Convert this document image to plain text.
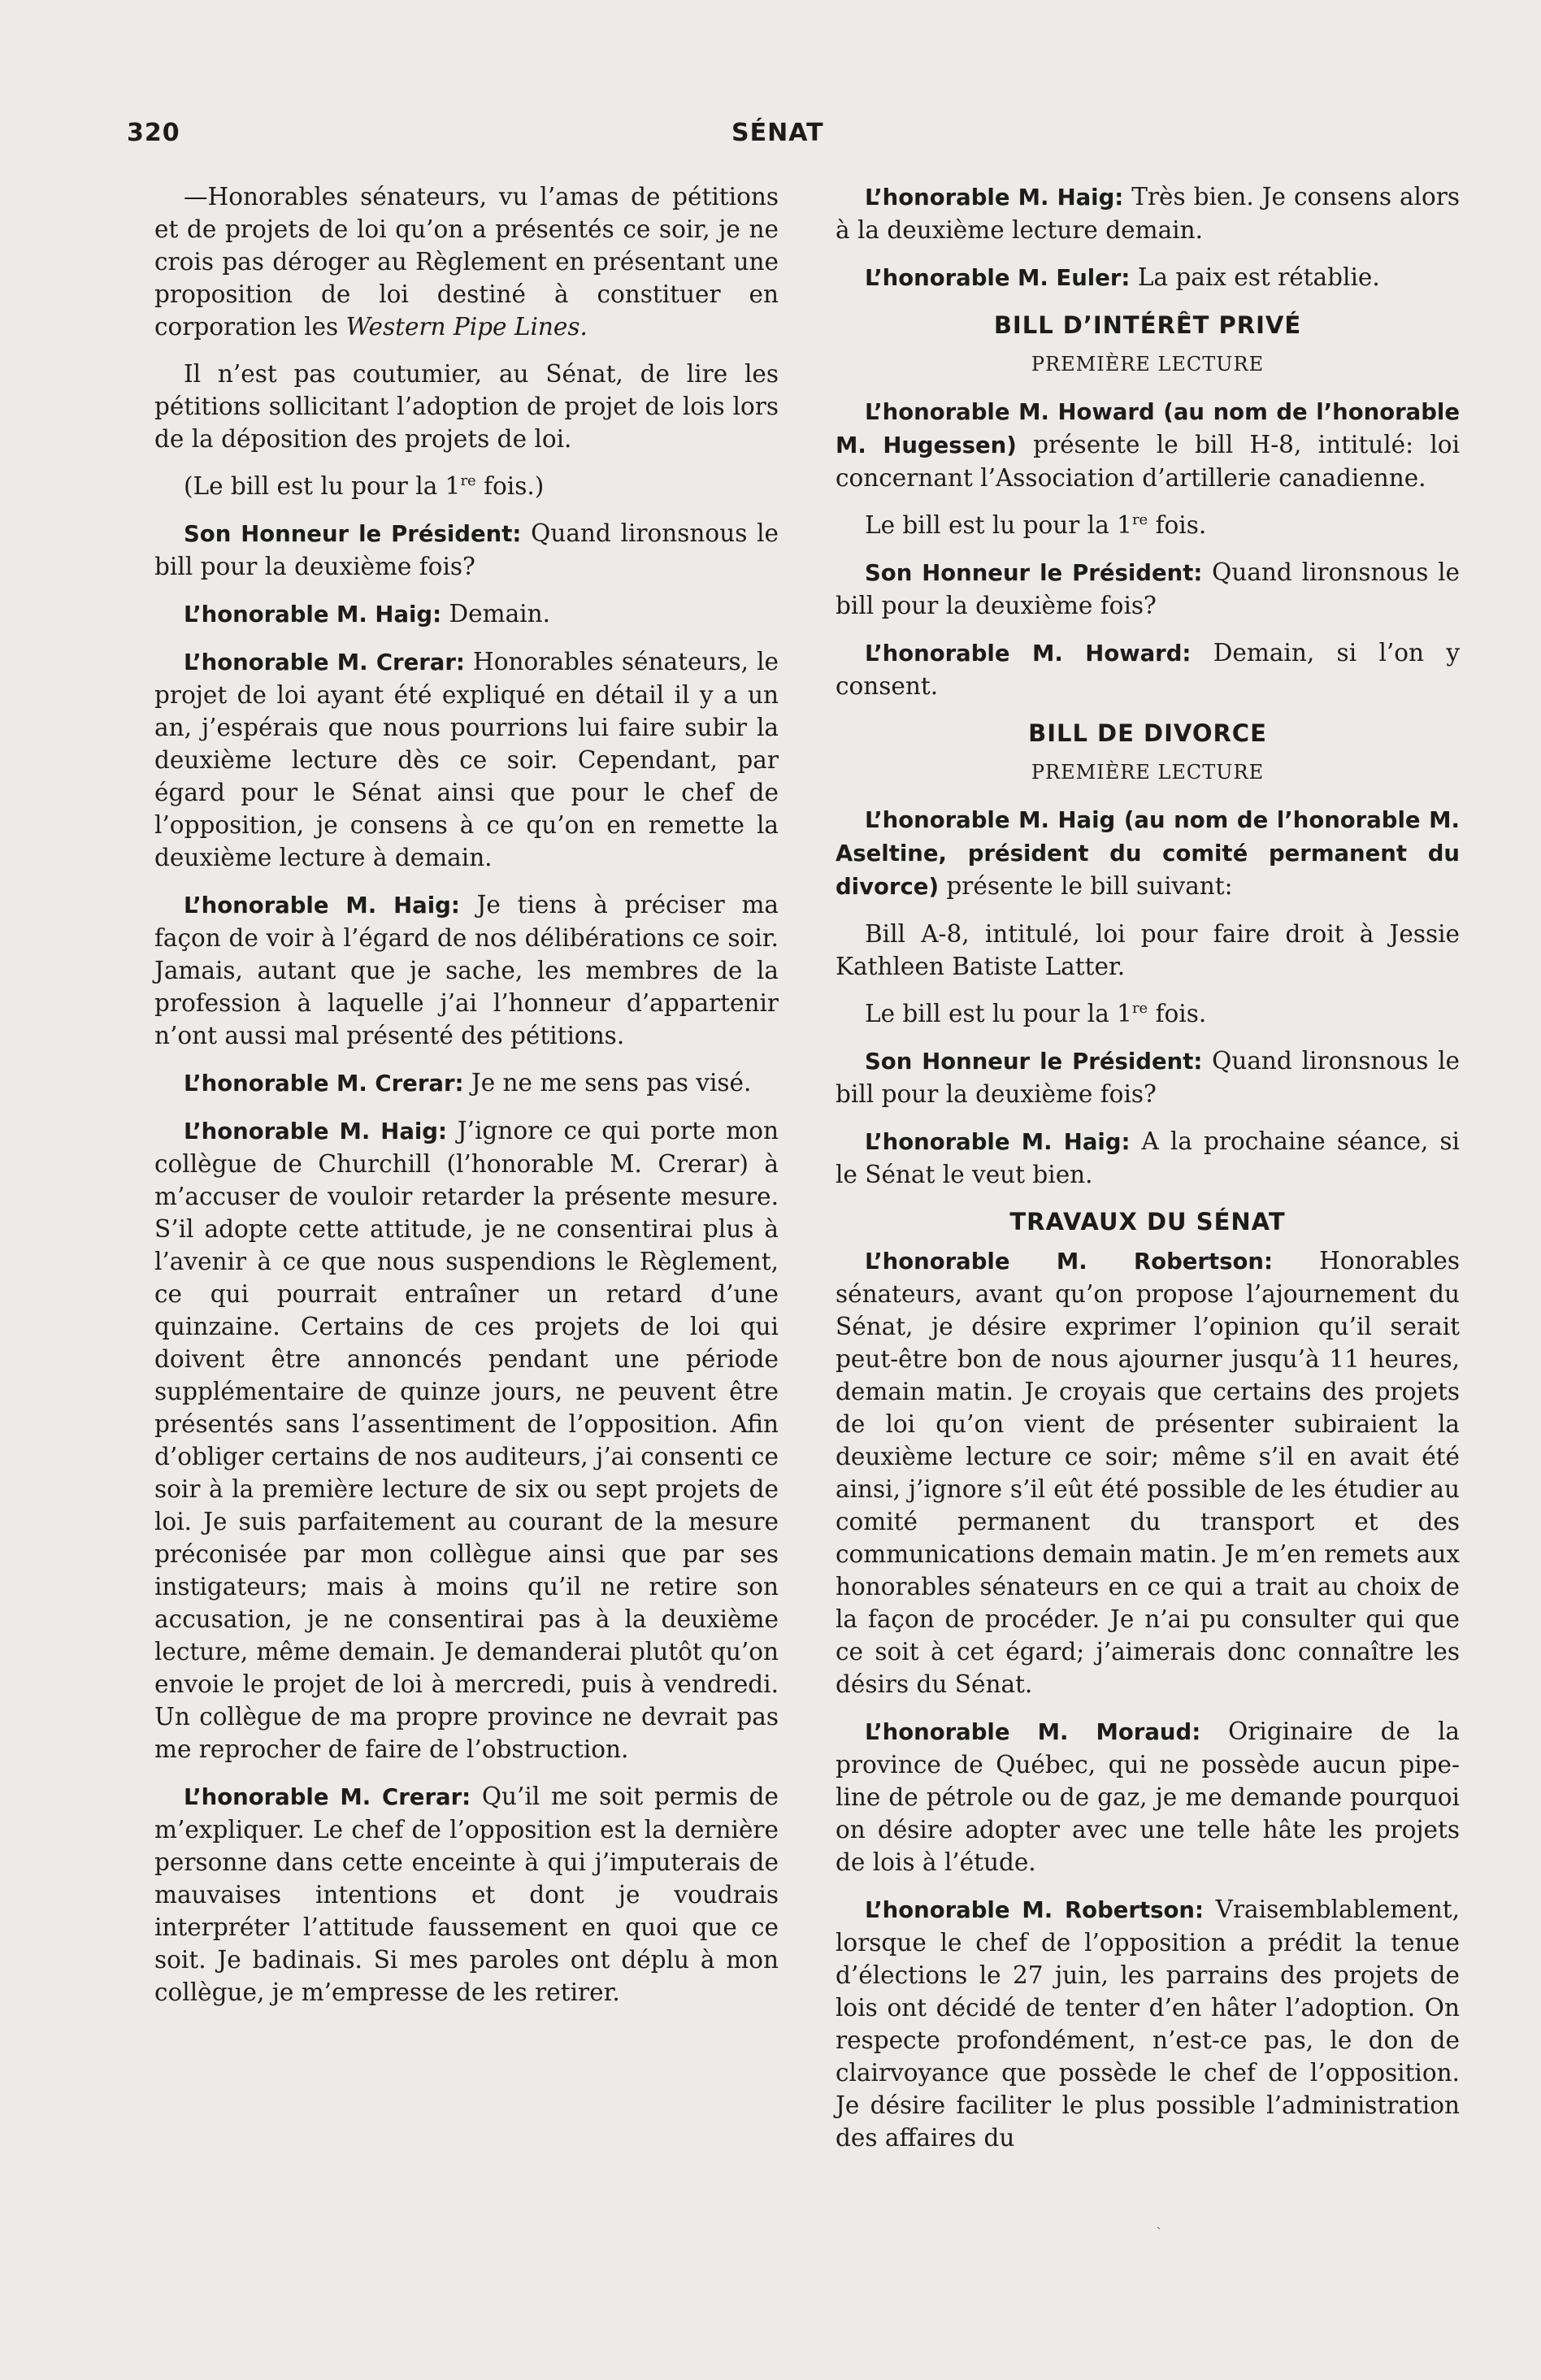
320	SÉNAT

—Honorables sénateurs, vu l’amas de pétitions et de projets de loi qu’on a présentés ce soir, je ne crois pas déroger au Règlement en présentant une proposition de loi destiné à constituer en corporation les Western Pipe Lines.

Il n’est pas coutumier, au Sénat, de lire les pétitions sollicitant l’adoption de projet de lois lors de la déposition des projets de loi.

(Le bill est lu pour la 1re fois.)

Son Honneur le Président: Quand lironsnous le bill pour la deuxième fois?

L’honorable M. Haig: Demain.

L’honorable M. Crerar: Honorables sénateurs, le projet de loi ayant été expliqué en détail il y a un an, j’espérais que nous pourrions lui faire subir la deuxième lecture dès ce soir. Cependant, par égard pour le Sénat ainsi que pour le chef de l’opposition, je consens à ce qu’on en remette la deuxième lecture à demain.

L’honorable M. Haig: Je tiens à préciser ma façon de voir à l’égard de nos délibérations ce soir. Jamais, autant que je sache, les membres de la profession à laquelle j’ai l’honneur d’appartenir n’ont aussi mal présenté des pétitions.

L’honorable M. Crerar: Je ne me sens pas visé.

L’honorable M. Haig: J’ignore ce qui porte mon collègue de Churchill (l’honorable M. Crerar) à m’accuser de vouloir retarder la présente mesure. S’il adopte cette attitude, je ne consentirai plus à l’avenir à ce que nous suspendions le Règlement, ce qui pourrait entraîner un retard d’une quinzaine. Certains de ces projets de loi qui doivent être annoncés pendant une période supplémentaire de quinze jours, ne peuvent être présentés sans l’assentiment de l’opposition. Afin d’obliger certains de nos auditeurs, j’ai consenti ce soir à la première lecture de six ou sept projets de loi. Je suis parfaitement au courant de la mesure préconisée par mon collègue ainsi que par ses instigateurs; mais à moins qu’il ne retire son accusation, je ne consentirai pas à la deuxième lecture, même demain. Je demanderai plutôt qu’on envoie le projet de loi à mercredi, puis à vendredi. Un collègue de ma propre province ne devrait pas me reprocher de faire de l’obstruction.

L’honorable M. Crerar: Qu’il me soit permis de m’expliquer. Le chef de l’opposition est la dernière personne dans cette enceinte à qui j’imputerais de mauvaises intentions et dont je voudrais interpréter l’attitude faussement en quoi que ce soit. Je badinais. Si mes paroles ont déplu à mon collègue, je m’empresse de les retirer.

L’honorable M. Haig: Très bien. Je consens alors à la deuxième lecture demain.

L’honorable M. Euler: La paix est rétablie.

BILL D’INTÉRÊT PRIVÉ
PREMIÈRE LECTURE

L’honorable M. Howard (au nom de l’honorable M. Hugessen) présente le bill H-8, intitulé: loi concernant l’Association d’artillerie canadienne.

Le bill est lu pour la 1re fois.

Son Honneur le Président: Quand lironsnous le bill pour la deuxième fois?

L’honorable M. Howard: Demain, si l’on y consent.

BILL DE DIVORCE
PREMIÈRE LECTURE

L’honorable M. Haig (au nom de l’honorable M. Aseltine, président du comité permanent du divorce) présente le bill suivant:

Bill A-8, intitulé, loi pour faire droit à Jessie Kathleen Batiste Latter.

Le bill est lu pour la 1re fois.

Son Honneur le Président: Quand lironsnous le bill pour la deuxième fois?

L’honorable M. Haig: A la prochaine séance, si le Sénat le veut bien.

TRAVAUX DU SÉNAT

L’honorable M. Robertson: Honorables sénateurs, avant qu’on propose l’ajournement du Sénat, je désire exprimer l’opinion qu’il serait peut-être bon de nous ajourner jusqu’à 11 heures, demain matin. Je croyais que certains des projets de loi qu’on vient de présenter subiraient la deuxième lecture ce soir; même s’il en avait été ainsi, j’ignore s’il eût été possible de les étudier au comité permanent du transport et des communications demain matin. Je m’en remets aux honorables sénateurs en ce qui a trait au choix de la façon de procéder. Je n’ai pu consulter qui que ce soit à cet égard; j’aimerais donc connaître les désirs du Sénat.

L’honorable M. Moraud: Originaire de la province de Québec, qui ne possède aucun pipe-line de pétrole ou de gaz, je me demande pourquoi on désire adopter avec une telle hâte les projets de lois à l’étude.

L’honorable M. Robertson: Vraisemblablement, lorsque le chef de l’opposition a prédit la tenue d’élections le 27 juin, les parrains des projets de lois ont décidé de tenter d’en hâter l’adoption. On respecte profondément, n’est-ce pas, le don de clairvoyance que possède le chef de l’opposition. Je désire faciliter le plus possible l’administration des affaires du

ˎ
